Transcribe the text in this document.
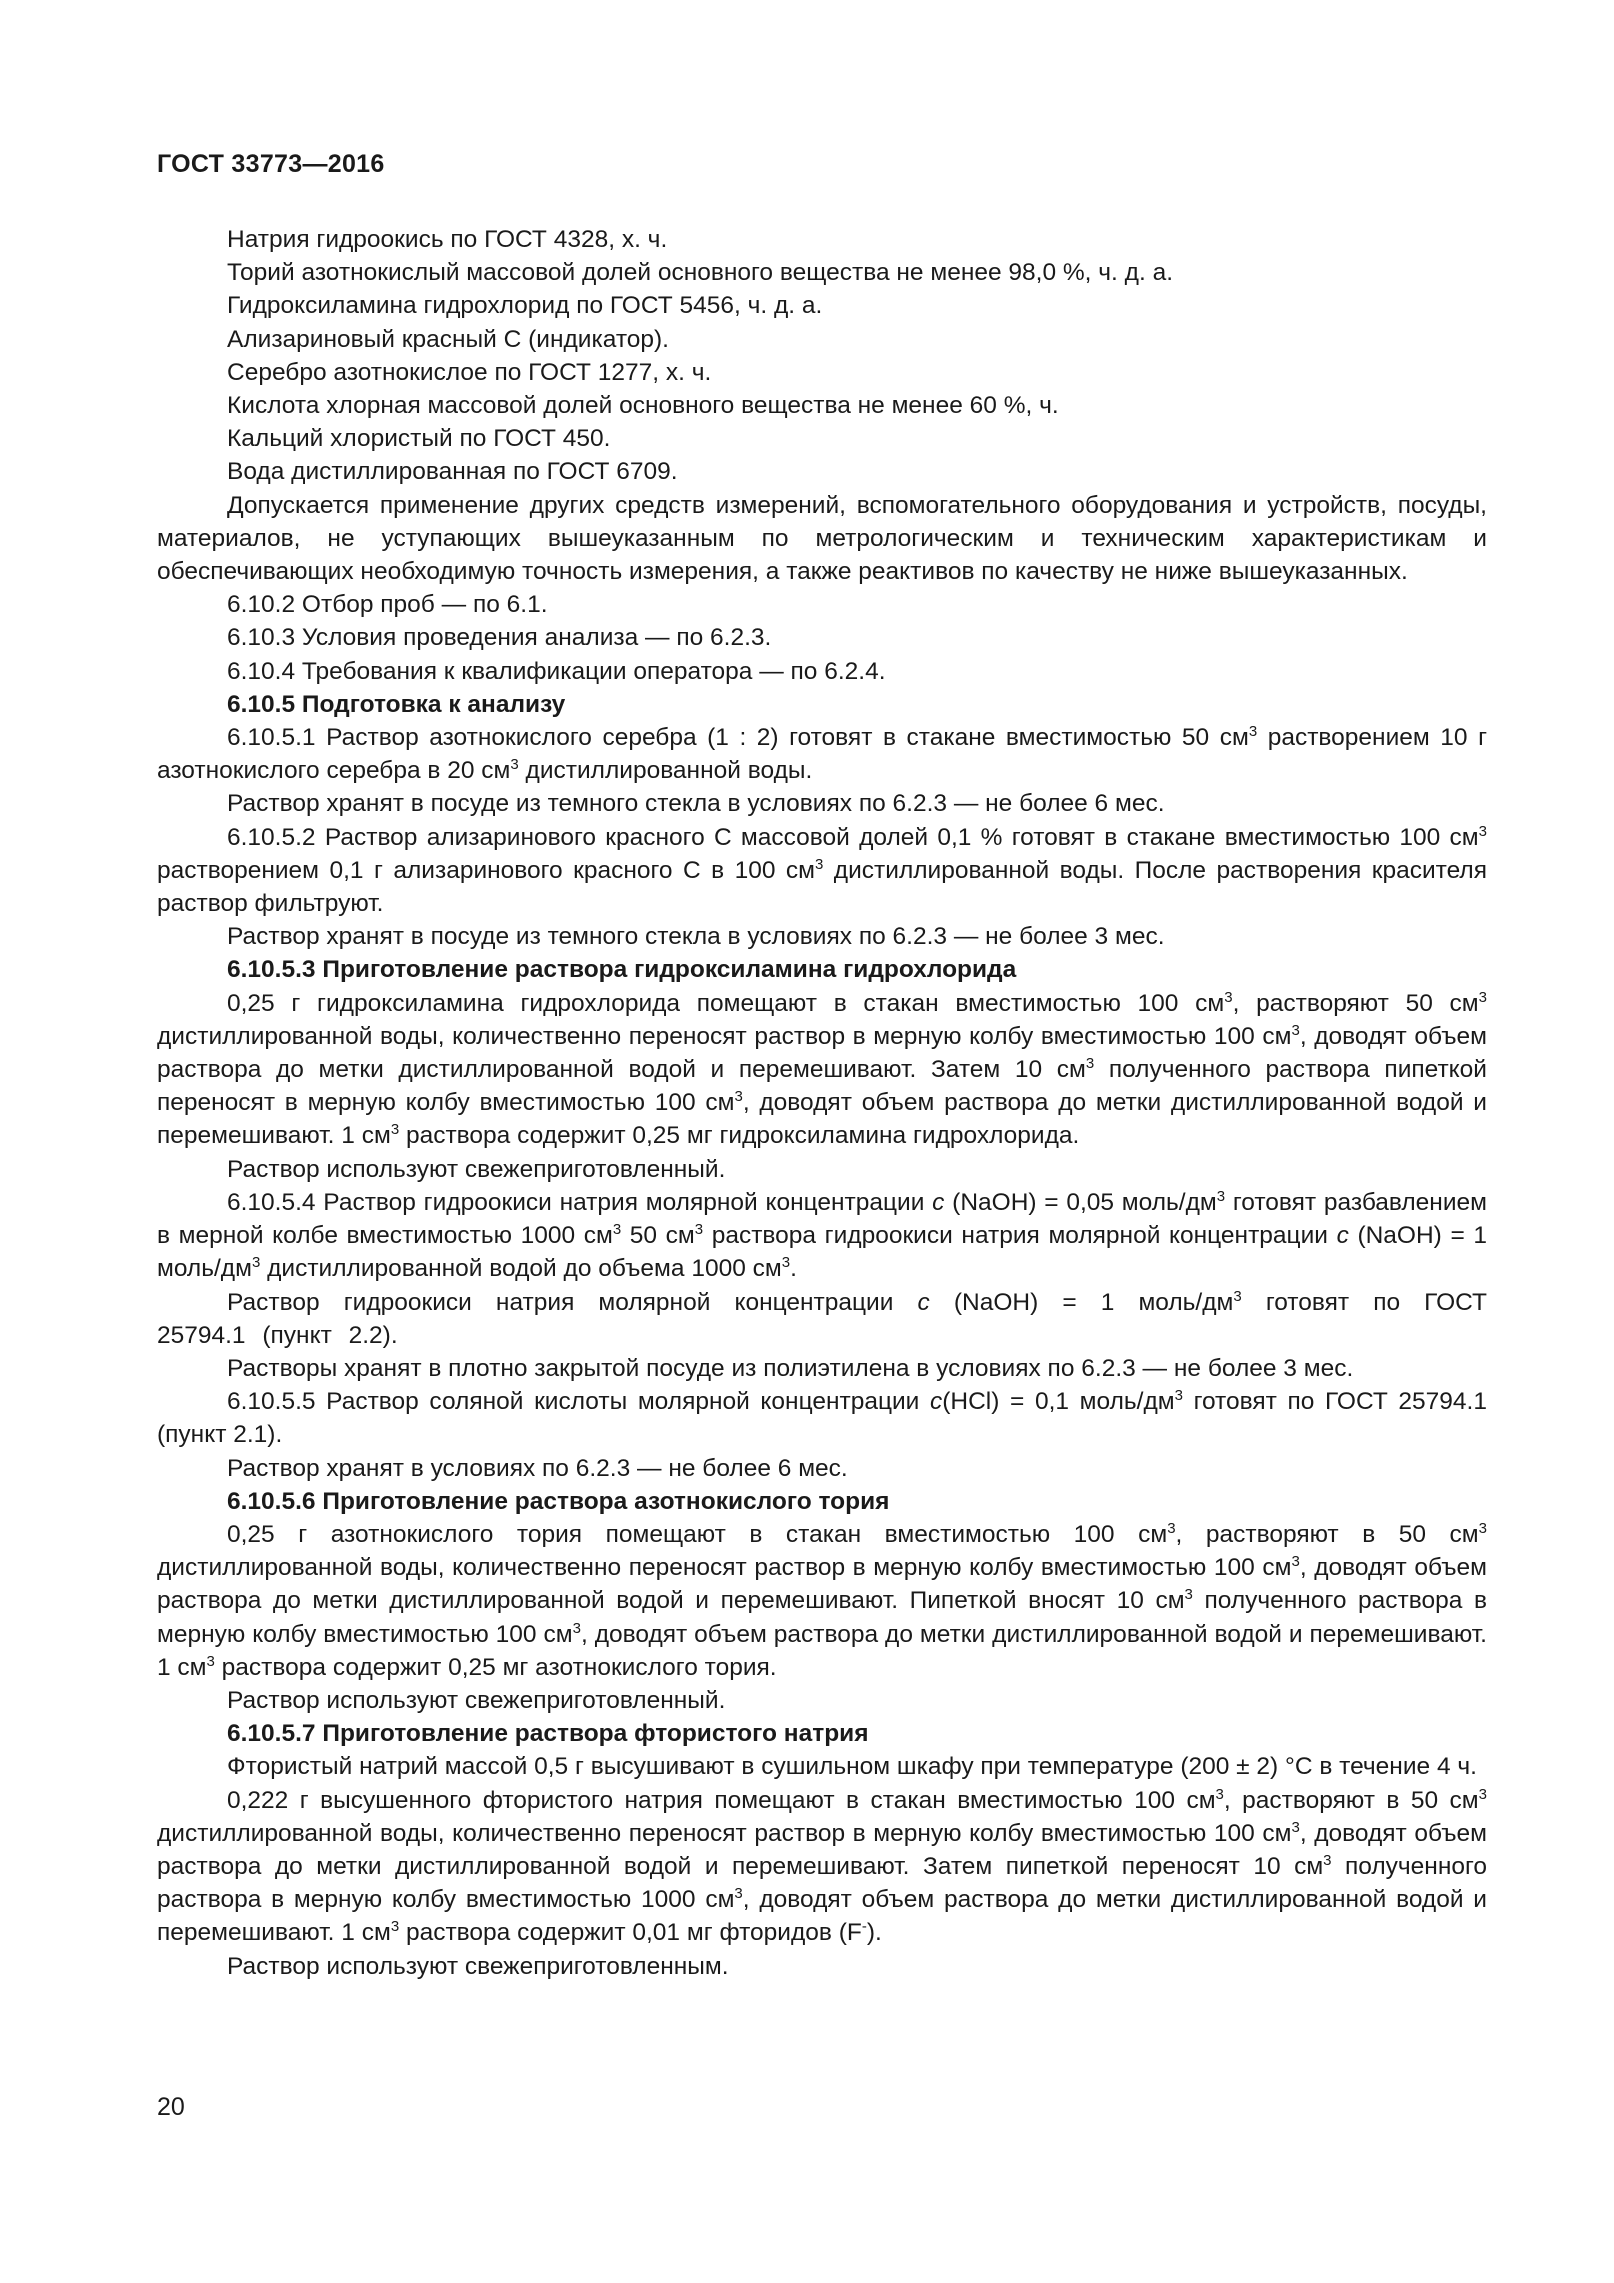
ГОСТ 33773—2016

Натрия гидроокись по ГОСТ 4328, х. ч.

Торий азотнокислый массовой долей основного вещества не менее 98,0 %, ч. д. а.

Гидроксиламина гидрохлорид по ГОСТ 5456, ч. д. а.

Ализариновый красный С (индикатор).

Серебро азотнокислое по ГОСТ 1277, х. ч.

Кислота хлорная массовой долей основного вещества не менее 60 %, ч.

Кальций хлористый по ГОСТ 450.

Вода дистиллированная по ГОСТ 6709.

Допускается применение других средств измерений, вспомогательного оборудования и устройств, посуды, материалов, не уступающих вышеуказанным по метрологическим и техническим характеристикам и обеспечивающих необходимую точность измерения, а также реактивов по качеству не ниже вышеуказанных.

6.10.2 Отбор проб — по 6.1.

6.10.3 Условия проведения анализа — по 6.2.3.

6.10.4 Требования к квалификации оператора — по 6.2.4.

6.10.5 Подготовка к анализу

6.10.5.1 Раствор азотнокислого серебра (1 : 2) готовят в стакане вместимостью 50 $см^3$ растворением 10 г азотнокислого серебра в 20 $см^3$ дистиллированной воды.

Раствор хранят в посуде из темного стекла в условиях по 6.2.3 — не более 6 мес.

6.10.5.2 Раствор ализаринового красного С массовой долей 0,1 % готовят в стакане вместимостью 100 $см^3$ растворением 0,1 г ализаринового красного С в 100 $см^3$ дистиллированной воды. После растворения красителя раствор фильтруют.

Раствор хранят в посуде из темного стекла в условиях по 6.2.3 — не более 3 мес.

6.10.5.3 Приготовление раствора гидроксиламина гидрохлорида

0,25 г гидроксиламина гидрохлорида помещают в стакан вместимостью 100 $см^3$, растворяют 50 $см^3$ дистиллированной воды, количественно переносят раствор в мерную колбу вместимостью 100 $см^3$, доводят объем раствора до метки дистиллированной водой и перемешивают. Затем 10 $см^3$ полученного раствора пипеткой переносят в мерную колбу вместимостью 100 $см^3$, доводят объем раствора до метки дистиллированной водой и перемешивают. 1 $см^3$ раствора содержит 0,25 мг гидроксиламина гидрохлорида.

Раствор используют свежеприготовленный.

6.10.5.4 Раствор гидроокиси натрия молярной концентрации c (NaOH) = 0,05 моль/$дм^3$ готовят разбавлением в мерной колбе вместимостью 1000 $см^3$ 50 $см^3$ раствора гидроокиси натрия молярной концентрации c (NaOH) = 1 моль/$дм^3$ дистиллированной водой до объема 1000 $см^3$.

Раствор гидроокиси натрия молярной концентрации c (NaOH) = 1 моль/$дм^3$ готовят по ГОСТ 25794.1 (пункт 2.2).

Растворы хранят в плотно закрытой посуде из полиэтилена в условиях по 6.2.3 — не более 3 мес.

6.10.5.5 Раствор соляной кислоты молярной концентрации c(HCl) = 0,1 моль/$дм^3$ готовят по ГОСТ 25794.1 (пункт 2.1).

Раствор хранят в условиях по 6.2.3 — не более 6 мес.

6.10.5.6 Приготовление раствора азотнокислого тория

0,25 г азотнокислого тория помещают в стакан вместимостью 100 $см^3$, растворяют в 50 $см^3$ дистиллированной воды, количественно переносят раствор в мерную колбу вместимостью 100 $см^3$, доводят объем раствора до метки дистиллированной водой и перемешивают. Пипеткой вносят 10 $см^3$ полученного раствора в мерную колбу вместимостью 100 $см^3$, доводят объем раствора до метки дистиллированной водой и перемешивают. 1 $см^3$ раствора содержит 0,25 мг азотнокислого тория.

Раствор используют свежеприготовленный.

6.10.5.7 Приготовление раствора фтористого натрия

Фтористый натрий массой 0,5 г высушивают в сушильном шкафу при температуре (200 ± 2) °С в течение 4 ч.

0,222 г высушенного фтористого натрия помещают в стакан вместимостью 100 $см^3$, растворяют в 50 $см^3$ дистиллированной воды, количественно переносят раствор в мерную колбу вместимостью 100 $см^3$, доводят объем раствора до метки дистиллированной водой и перемешивают. Затем пипеткой переносят 10 $см^3$ полученного раствора в мерную колбу вместимостью 1000 $см^3$, доводят объем раствора до метки дистиллированной водой и перемешивают. 1 $см^3$ раствора содержит 0,01 мг фторидов (F-).

Раствор используют свежеприготовленным.

20
